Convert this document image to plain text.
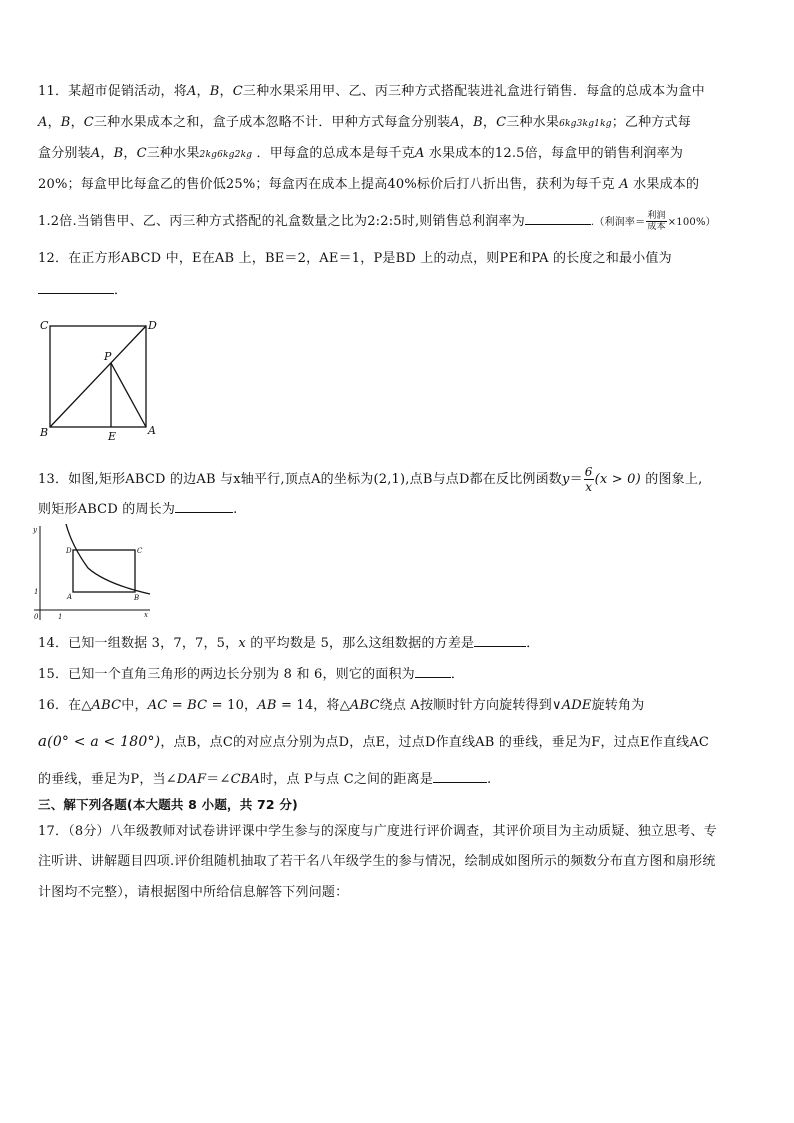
11．某超市促销活动，将A，B，C三种水果采用甲、乙、丙三种方式搭配装进礼盒进行销售．每盒的总成本为盒中
A，B，C三种水果成本之和，盒子成本忽略不计．甲种方式每盒分别装A，B，C三种水果6kg3kg1kg；乙种方式每
盒分别装A，B，C三种水果2kg6kg2kg ．甲每盒的总成本是每千克A 水果成本的12.5倍，每盒甲的销售利润率为
20%；每盒甲比每盒乙的售价低25%；每盒丙在成本上提高40%标价后打八折出售，获利为每千克 A 水果成本的
1.2倍.当销售甲、乙、丙三种方式搭配的礼盒数量之比为2:2:5时,则销售总利润率为	.（利润率＝ $\frac{\text{利润}}{\text{成本}} \times 100\%$）
12．在正方形ABCD 中，E在AB 上，BE＝2，AE＝1，P是BD 上的动点，则PE和PA 的长度之和最小值为
．
C	D
P
B	E	A
13．如图,矩形ABCD 的边AB 与x轴平行,顶点A的坐标为(2,1),点B与点D都在反比例函数$y= \frac{6}{x} (x > 0)$ 的图象上,
则矩形ABCD 的周长为	.
y
D	C
1
A	B
0	1	x
14．已知一组数据 3，7，7，5，x 的平均数是 5，那么这组数据的方差是	．
15．已知一个直角三角形的两边长分别为 8 和 6，则它的面积为	．
16．在△ABC中，AC = BC = 10，AB = 14，将△ABC绕点 A按顺时针方向旋转得到∨ADE旋转角为
a(0° < a < 180°)，点B，点C的对应点分别为点D，点E，过点D作直线AB 的垂线，垂足为F，过点E作直线AC
的垂线，垂足为P，当∠DAF＝∠CBA时，点 P与点 C之间的距离是	.
三、解下列各题(本大题共 8 小题，共 72 分)
17．（8分）八年级教师对试卷讲评课中学生参与的深度与广度进行评价调查，其评价项目为主动质疑、独立思考、专
注听讲、讲解题目四项.评价组随机抽取了若干名八年级学生的参与情况，绘制成如图所示的频数分布直方图和扇形统
计图均不完整），请根据图中所给信息解答下列问题：
